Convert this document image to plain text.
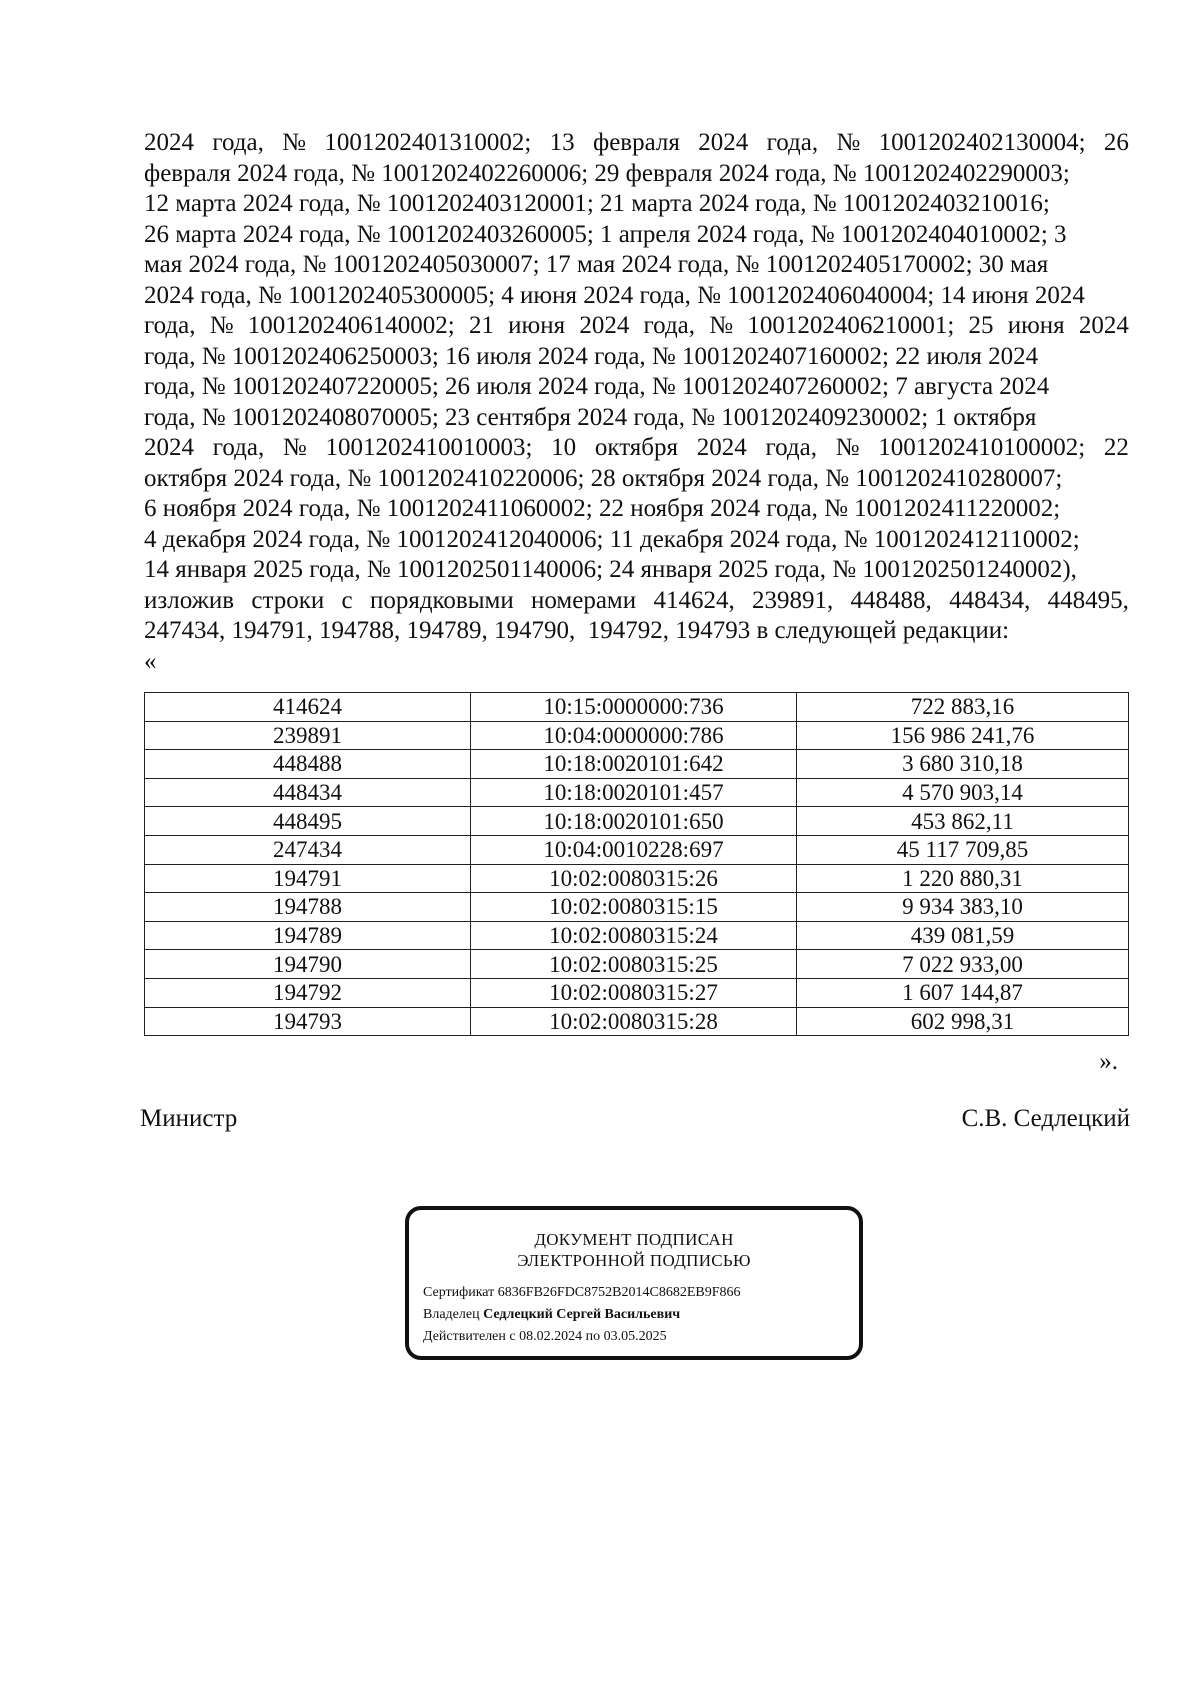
2024 года, № 1001202401310002; 13 февраля 2024 года, № 1001202402130004; 26
февраля 2024 года, № 1001202402260006; 29 февраля 2024 года, № 1001202402290003;
12 марта 2024 года, № 1001202403120001; 21 марта 2024 года, № 1001202403210016;
26 марта 2024 года, № 1001202403260005; 1 апреля 2024 года, № 1001202404010002; 3
мая 2024 года, № 1001202405030007; 17 мая 2024 года, № 1001202405170002; 30 мая
2024 года, № 1001202405300005; 4 июня 2024 года, № 1001202406040004; 14 июня 2024
года, № 1001202406140002; 21 июня 2024 года, № 1001202406210001; 25 июня 2024
года, № 1001202406250003; 16 июля 2024 года, № 1001202407160002; 22 июля 2024
года, № 1001202407220005; 26 июля 2024 года, № 1001202407260002; 7 августа 2024
года, № 1001202408070005; 23 сентября 2024 года, № 1001202409230002; 1 октября
2024 года, № 1001202410010003; 10 октября 2024 года, № 1001202410100002; 22
октября 2024 года, № 1001202410220006; 28 октября 2024 года, № 1001202410280007;
6 ноября 2024 года, № 1001202411060002; 22 ноября 2024 года, № 1001202411220002;
4 декабря 2024 года, № 1001202412040006; 11 декабря 2024 года, № 1001202412110002;
14 января 2025 года, № 1001202501140006; 24 января 2025 года, № 1001202501240002),
изложив строки с порядковыми номерами 414624, 239891, 448488, 448434, 448495,
247434, 194791, 194788, 194789, 194790,  194792, 194793 в следующей редакции:
«
414624	10:15:0000000:736	722 883,16
239891	10:04:0000000:786	156 986 241,76
448488	10:18:0020101:642	3 680 310,18
448434	10:18:0020101:457	4 570 903,14
448495	10:18:0020101:650	453 862,11
247434	10:04:0010228:697	45 117 709,85
194791	10:02:0080315:26	1 220 880,31
194788	10:02:0080315:15	9 934 383,10
194789	10:02:0080315:24	439 081,59
194790	10:02:0080315:25	7 022 933,00
194792	10:02:0080315:27	1 607 144,87
194793	10:02:0080315:28	602 998,31
».
Министр	С.В. Седлецкий
ДОКУМЕНТ ПОДПИСАН
ЭЛЕКТРОННОЙ ПОДПИСЬЮ
Сертификат 6836FB26FDC8752B2014C8682EB9F866
Владелец Седлецкий Сергей Васильевич
Действителен с 08.02.2024 по 03.05.2025
